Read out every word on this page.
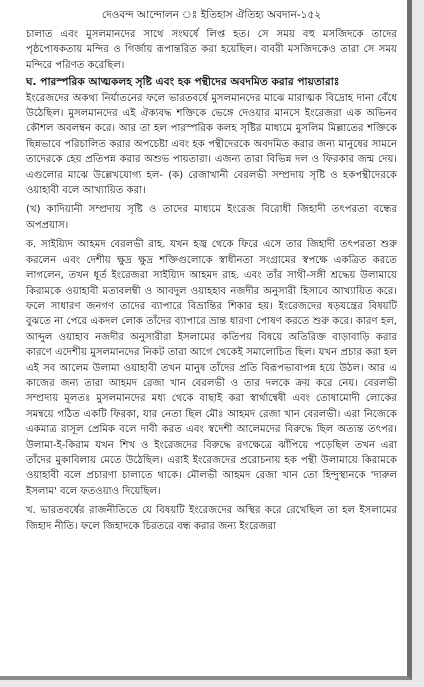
দেওবন্দ আন্দোলন ঃ ইতিহাস ঐতিহ্য অবদান-১৫২

চালাত এবং মুসলমানদের সাথে সংঘর্ষে লিপ্ত হত। সে সময় বহু মসজিদকে তাদের পৃষ্ঠপোষকতায় মন্দির ও গির্জায় রূপান্তরিত করা হয়েছিল। বাবরী মসজিদকেও তারা সে সময় মন্দিরে পরিণত করেছিল।

ঘ. পারস্পরিক আত্মকলহ সৃষ্টি এবং হক পন্থীদের অবদমিত করার পায়তারাঃ

ইংরেজদের অকথ্য নির্যাতনের ফলে ভারতবর্ষে মুসলমানদের মাঝে মারাত্মক বিদ্রোহ দানা বেঁধে উঠেছিল। মুসলমানদের এই ঐক্যবদ্ধ শক্তিকে ভেঙ্গে দেওয়ার মানসে ইংরেজরা এক অভিনব কৌশল অবলম্বন করে। আর তা হল পারস্পরিক কলহ সৃষ্টির মাধ্যমে মুসলিম মিল্লাতের শক্তিকে ছিন্নভাবে পরিচালিত করার অপচেষ্টা এবং হক পন্থীদেরকে অবদমিত করার জন্য মানুষের সামনে তাদেরকে হেয় প্রতিপন্ন করার অশুভ পায়তারা। এজন্য তারা বিভিন্ন দল ও ফিরকার জন্ম দেয়। এগুলোর মাঝে উল্লেখযোগ্য হল- (ক) রেজাখানী বেরলভী সম্প্রদায় সৃষ্টি ও হকপন্থীদেরকে ওয়াহাবী বলে আখ্যায়িত করা।

(খ) কাদিয়ানী সম্প্রদায় সৃষ্টি ও তাদের মাধ্যমে ইংরেজ বিরোধী জিহাদী তৎপরতা বন্ধের অপপ্রয়াস।

ক. সাইয়্যিদ আহমদ বেরলভী রাহ. যখন হজ্ব থেকে ফিরে এসে তার জিহাদী তৎপরতা শুরু করলেন এবং দেশীয় ক্ষুদ্র ক্ষুদ্র শক্তিগুলোকে স্বাধীনতা সংগ্রামের স্বপক্ষে একত্রিত করতে লাগলেন, তখন ধূর্ত ইংরেজরা সাইয়্যিদ আহমদ রাহ. এবং তাঁর সাথী-সঙ্গী শ্রদ্ধেয় উলামায়ে কিরামকে ওয়াহাবী মতাবলম্বী ও আবদুল ওয়াহহাব নজদীর অনুসারী হিসাবে আখ্যায়িত করে। ফলে সাধারণ জনগণ তাদের ব্যাপারে বিভ্রান্তির শিকার হয়। ইংরেজদের ষড়যন্ত্রের বিষয়টি বুঝতে না পেরে একদল লোক তাঁদের ব্যাপারে ভ্রান্ত ধারণা পোষণ করতে শুরু করে। কারণ হল, আব্দুল ওয়াহাব নজদীর অনুসারীরা ইসলামের কতিপয় বিষয়ে অতিরিক্ত বাড়াবাড়ি করার কারণে এদেশীয় মুসলমানদের নিকট তারা আগে থেকেই সমালোচিত ছিল। যখন প্রচার করা হল এই সব আলেম উলামা ওয়াহাবী তখন মানুষ তাঁদের প্রতি বিরূপভাবাপন্ন হয়ে উঠল। আর এ কাজের জন্য তারা আহমদ রেজা খান বেরলভী ও তার দলকে ক্রয় করে নেয়। বেরলভী সম্প্রদায় মূলতঃ মুসলমানদের মধ্য থেকে বাছাই করা স্বার্থান্বেষী এবং তোষামোদী লোকের সমন্বয়ে গঠিত একটি ফিরকা, যার নেতা ছিল মৌঃ আহমদ রেজা খান বেরলভী। এরা নিজেকে একমাত্র রাসূল প্রেমিক বলে দাবী করত এবং স্বদেশী আলেমদের বিরুদ্ধে ছিল অত্যন্ত তৎপর। উলামা-ই-কিরাম যখন শিখ ও ইংরেজদের বিরুদ্ধে রণক্ষেত্রে ঝাঁপিয়ে পড়েছিল তখন এরা তাঁদের মুকাবিলায় মেতে উঠেছিল। এরাই ইংরেজদের প্ররোচনায় হক পন্থী উলামায়ে কিরামকে ওয়াহাবী বলে প্রচারণা চালাতে থাকে। মৌলভী আহমদ রেজা খান তো হিন্দুস্থানকে 'দারুল ইসলাম' বলে ফতওয়াও দিয়েছিল।

খ. ভারতবর্ষের রাজনীতিতে যে বিষয়টি ইংরেজদের অস্থির করে রেখেছিল তা হল ইসলামের জিহাদ নীতি। ফলে জিহাদকে চিরতরে বন্ধ করার জন্য ইংরেজরা
